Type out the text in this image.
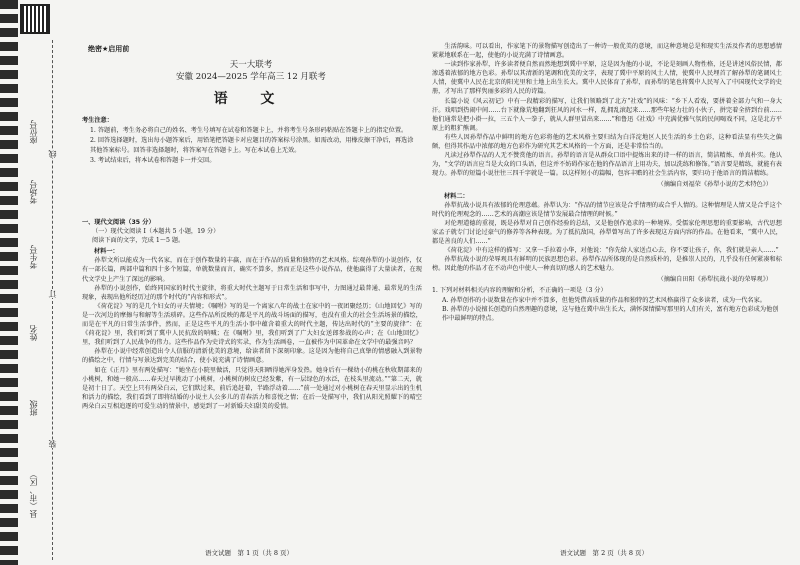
线
订
装
座位号
考场号
考生号
姓名
班级
县（市、区）
绝密★启用前
天一大联考
安徽 2024—2025 学年高三 12 月联考
语 文
考生注意：
1. 答题前，考生务必将自己的姓名、考生号填写在试卷和答题卡上，并将考生号条形码粘贴在答题卡上的指定位置。
2. 回答选择题时，选出每小题答案后，用铅笔把答题卡对应题目的答案标号涂黑。如需改动，用橡皮擦干净后，再选涂其他答案标号。回答非选择题时，将答案写在答题卡上。写在本试卷上无效。
3. 考试结束后，将本试卷和答题卡一并交回。
一、现代文阅读（35 分）
（一）现代文阅读 Ⅰ（本题共 5 小题，19 分）
阅读下面的文字，完成 1～5 题。
材料一：

孙犁文所以能成为一代名家，而在于创作数量的丰赢，而在于作品的质量和独特的艺术风格。综观孙犁的小说创作，仅有一部长篇，两部中篇和四十多个短篇，单就数量而言，确实不算多，然而正是这些小说作品，使他赢得了大量读者，在现代文学史上产生了深远的影响。

孙犁的小说创作，始终同国家的时代主旋律，将重大时代主题写于日常生活和事写中，力图通过最普通、最常见的生活现象，表现出他所经历过的那个时代的“内容和形式”。

《荷花淀》写的是几个妇女的寻夫情境；《嘱咐》写的是一个离家八年的战士在家中的一夜团聚经历；《山地回忆》写的是一次河边的摩擦与和解等生活琐碎。这些作品所反映的都是平凡的战斗场面的描写，也没有重大的社会生活场景的描绘，而是在平凡的日常生活事件，然而，正是这些平凡的生活小事中蕴含着重大的时代主题，传达出时代的“主要的旋律”：在《荷花淀》里，我们听到了冀中人民抗敌的呐喊；在《嘱咐》里，我们听到了广大妇女送郎参战的心声；在《山地回忆》里，我们听到了人民战争的伟力。这些作品作为史诗式的实录，作为生活画卷，一直被作为中国革命在文学中的最强音吗？

孙犁在小说中经常创造出令人信服的清新优美的意境，给读者留下深刻印象。这是因为他将自己真挚的情感融入到景物的描绘之中，行情与写景达到完美的结合，使小说充满了诗情画意。

如在《正月》里有两处描写：“她坐在小院里做活，只觉得天阳晒得她浑身发热。她身后有一棵幼小的桃在秋收期部来的小桃树，和她一般高……春天过早挑动了小桃树，小桃树的树皮已经发紫，有一层绿色的水泛，在枝头里流动。”“第二天，就是初十日了。天空上只有两朵白云，它们默过来，前后追赶着，半路浮动着……”前一处通过对小桃树在春天里显示出的生机和活力的描绘，我们看到了即将结婚的小说主人公多儿的青春活力和喜悦之情；在后一处描写中，我们从阳光照耀下的晴空两朵白云互相追逐的可爱生动的情景中，感觉到了一对新婚夫妇甜美的爱情。

生活韵味。可以看出，作家笔下的景物描写创造出了一种诗一般优美的意境，而这种意境总是和现实生活及作者的思想感情紧紧地联系在一起，使他的小说充满了诗情画意。

一读到作家孙犁，许多读者便自然而然地想到冀中平原，这是因为他的小说，不论是刻画人物性格，还是讲述风俗民情，都渗透着浓郁的地方色彩。孙犁以其清新的笔调和优美的文字，表现了冀中平原的风土人情，使冀中人民埋首了解孙犁的笔调风土人情，使冀中人民在北京的阳光里和土地上出生长大。冀中人民体育了孙犁，而孙犁的笔也将冀中人民写入了中国现代文学的史册，才写出了那样隽丽多彩的人民的诗篇。

长篇小说《风云初记》中有一段精彩的描写，让我们领略到了北方“社戏”的风味：“乡下人看戏，要拼着全部力气和一身大汗。戏唱到热闹中间……台下就像荒地翻到狂风的河水一样，乱拥乱滚起来……那些年轻力壮的小伙子，拼完着全挤到台前……他们通常是把小褂一拉，三五个人一拳子，就从人群里冒出来……”和鲁迅《社戏》中充满优雅气氛的民间喝戏不同，这是北方平原上的粗犷熊调。

有些人因孙犁作品中鲜明的地方色彩将他的艺术风格主要归结为白洋淀地区人民生活的乡土色彩，这种看法显有些失之偏颇，但得其作品中浓郁的地方色彩作为研究其艺术风格的一个方面，还是非常恰当的。

凡读过孙犁作品的人无不赞赏他的语言。孙犁的语言是从群众口语中提炼出来的诗一样的语言，简洁精炼、单真朴实。他认为，“文学的语言应当是大众的口头语，但这并不妨碍作家在他的作品语言上用功夫，加以洗练和修饰。”语言要是精练，就能有表现力。孙犁的短篇小说往往三四千字就是一篇。以这样短小的篇幅，包容丰赡的社会生活内容，要归功于他语言的简洁精练。

（摘编自刘福荣《孙犁小说的艺术特色》）
材料二：

孙犁抗战小说具有浓郁的伦理意蕴。孙犁认为：“作品的情节应该是合乎情理的或合乎人情的。这种情理是人情又是合乎这个时代的伦理观念的……艺术的高潮应该是情节发展最合情理的时候。”

对伦理道德的重视，既是孙犁对自己创作经验的总结，又是他创作追求的一种境界。受儒家伦理思想的重要影响，古代思想家孟子就专门讨论过豪气的修养等各种表现。为了抵抗敌国，孙犁曾写出了许多表现这方面内容的作品。在他看来，“冀中人民，都是善良的人们……”

《荷花淀》中有这样的描写：又拿一手拉着小华，对他说：“你先给人家送点心去，你不要让孩子，你，我们就是亲人……”

孙犁抗战小说的荣辱观具有鲜明的民族思想色彩。孙犁作品所体现的是自然质朴的，是推崇人民的，几乎没有任何紧凑和标榜。因此他的作品才在不动声色中使人一种真切的感人的艺术魅力。

（摘编自田阳《孙犁抗战小说的荣辱观》）
1. 下列对材料相关内容的理解和分析，不正确的一项是（3 分）
A. 孙犁创作的小说数量在作家中并不算多，但他凭借高质量的作品和独特的艺术风格赢得了众多读者，成为一代名家。
B. 孙犁的小说擅长创造的自然理趣的意境，这与他在冀中出生长大，满怀深情描写那里的人们有关，富有地方色彩成为他创作中最鲜明的特点。
语文试题　第 1 页（共 8 页）	语文试题　第 2 页（共 8 页）
